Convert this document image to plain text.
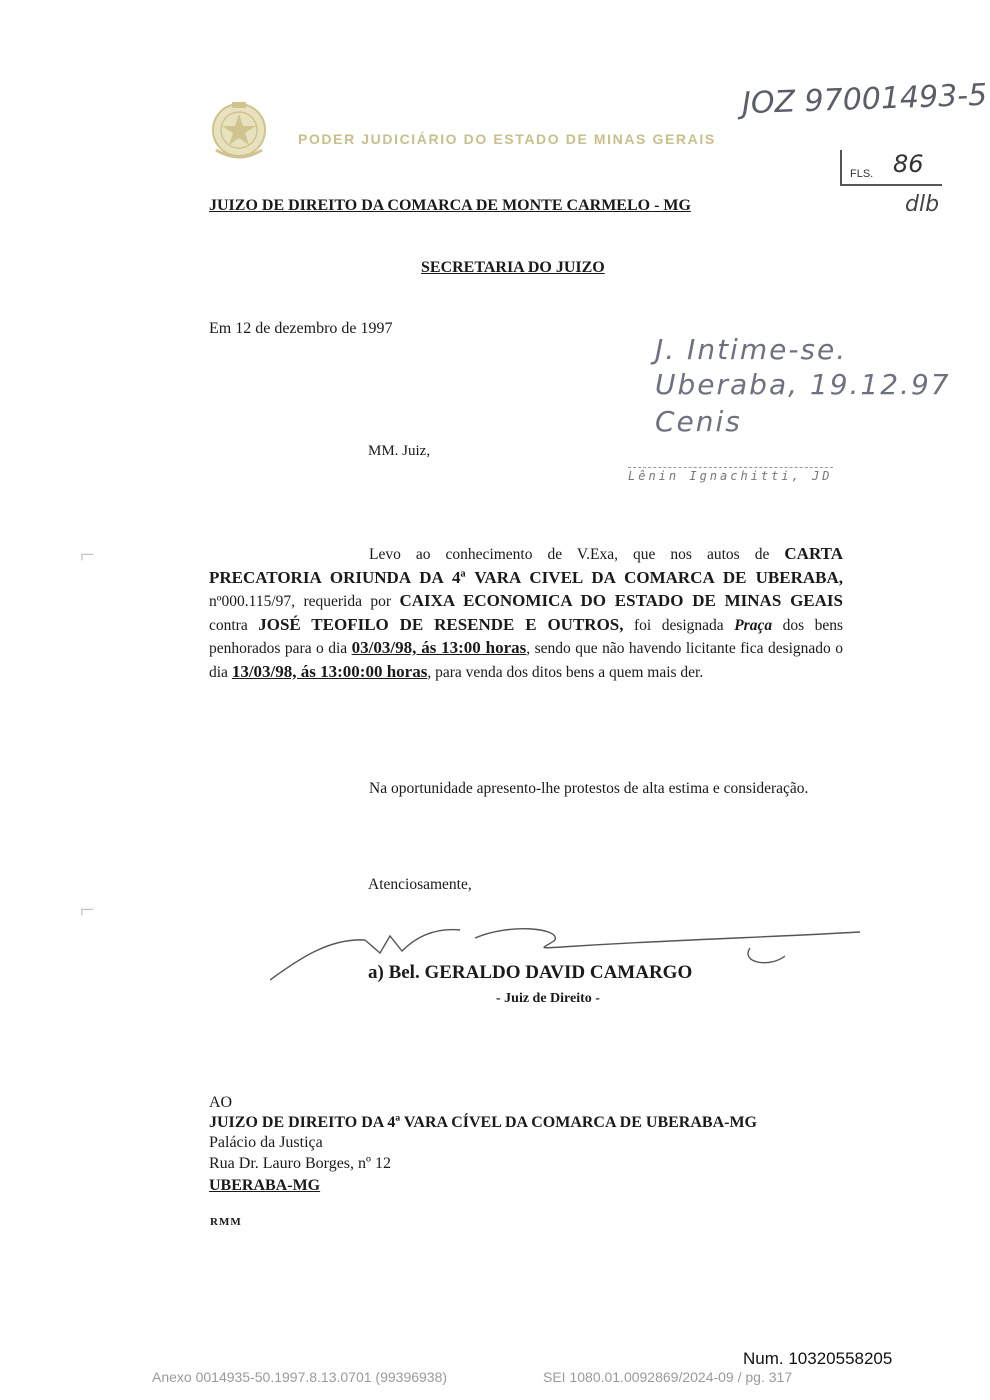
PODER JUDICIÁRIO DO ESTADO DE MINAS GERAIS
JOZ 97001493-5
FLS. 86
dlb
JUIZO DE DIREITO DA COMARCA DE MONTE CARMELO - MG
SECRETARIA DO JUIZO
Em 12 de dezembro de 1997
J. Intime-se.
Uberaba, 19.12.97
Cenis
Lênin Ignachitti, JD
MM. Juiz,
⌐
⌐
Levo ao conhecimento de V.Exa, que nos autos de CARTA PRECATORIA ORIUNDA DA 4ª VARA CIVEL DA COMARCA DE UBERABA, nº000.115/97, requerida por CAIXA ECONOMICA DO ESTADO DE MINAS GEAIS contra JOSÉ TEOFILO DE RESENDE E OUTROS, foi designada Praça dos bens penhorados para o dia 03/03/98, ás 13:00 horas, sendo que não havendo licitante fica designado o dia 13/03/98, ás 13:00:00 horas, para venda dos ditos bens a quem mais der.
Na oportunidade apresento-lhe protestos de alta estima e consideração.
Atenciosamente,
a) Bel. GERALDO DAVID CAMARGO
- Juiz de Direito -
AO
JUIZO DE DIREITO DA 4ª VARA CÍVEL DA COMARCA DE UBERABA-MG
Palácio da Justiça
Rua Dr. Lauro Borges, nº 12
UBERABA-MG
RMM
Num. 10320558205
Anexo 0014935-50.1997.8.13.0701 (99396938)	SEI 1080.01.0092869/2024-09 / pg. 317
